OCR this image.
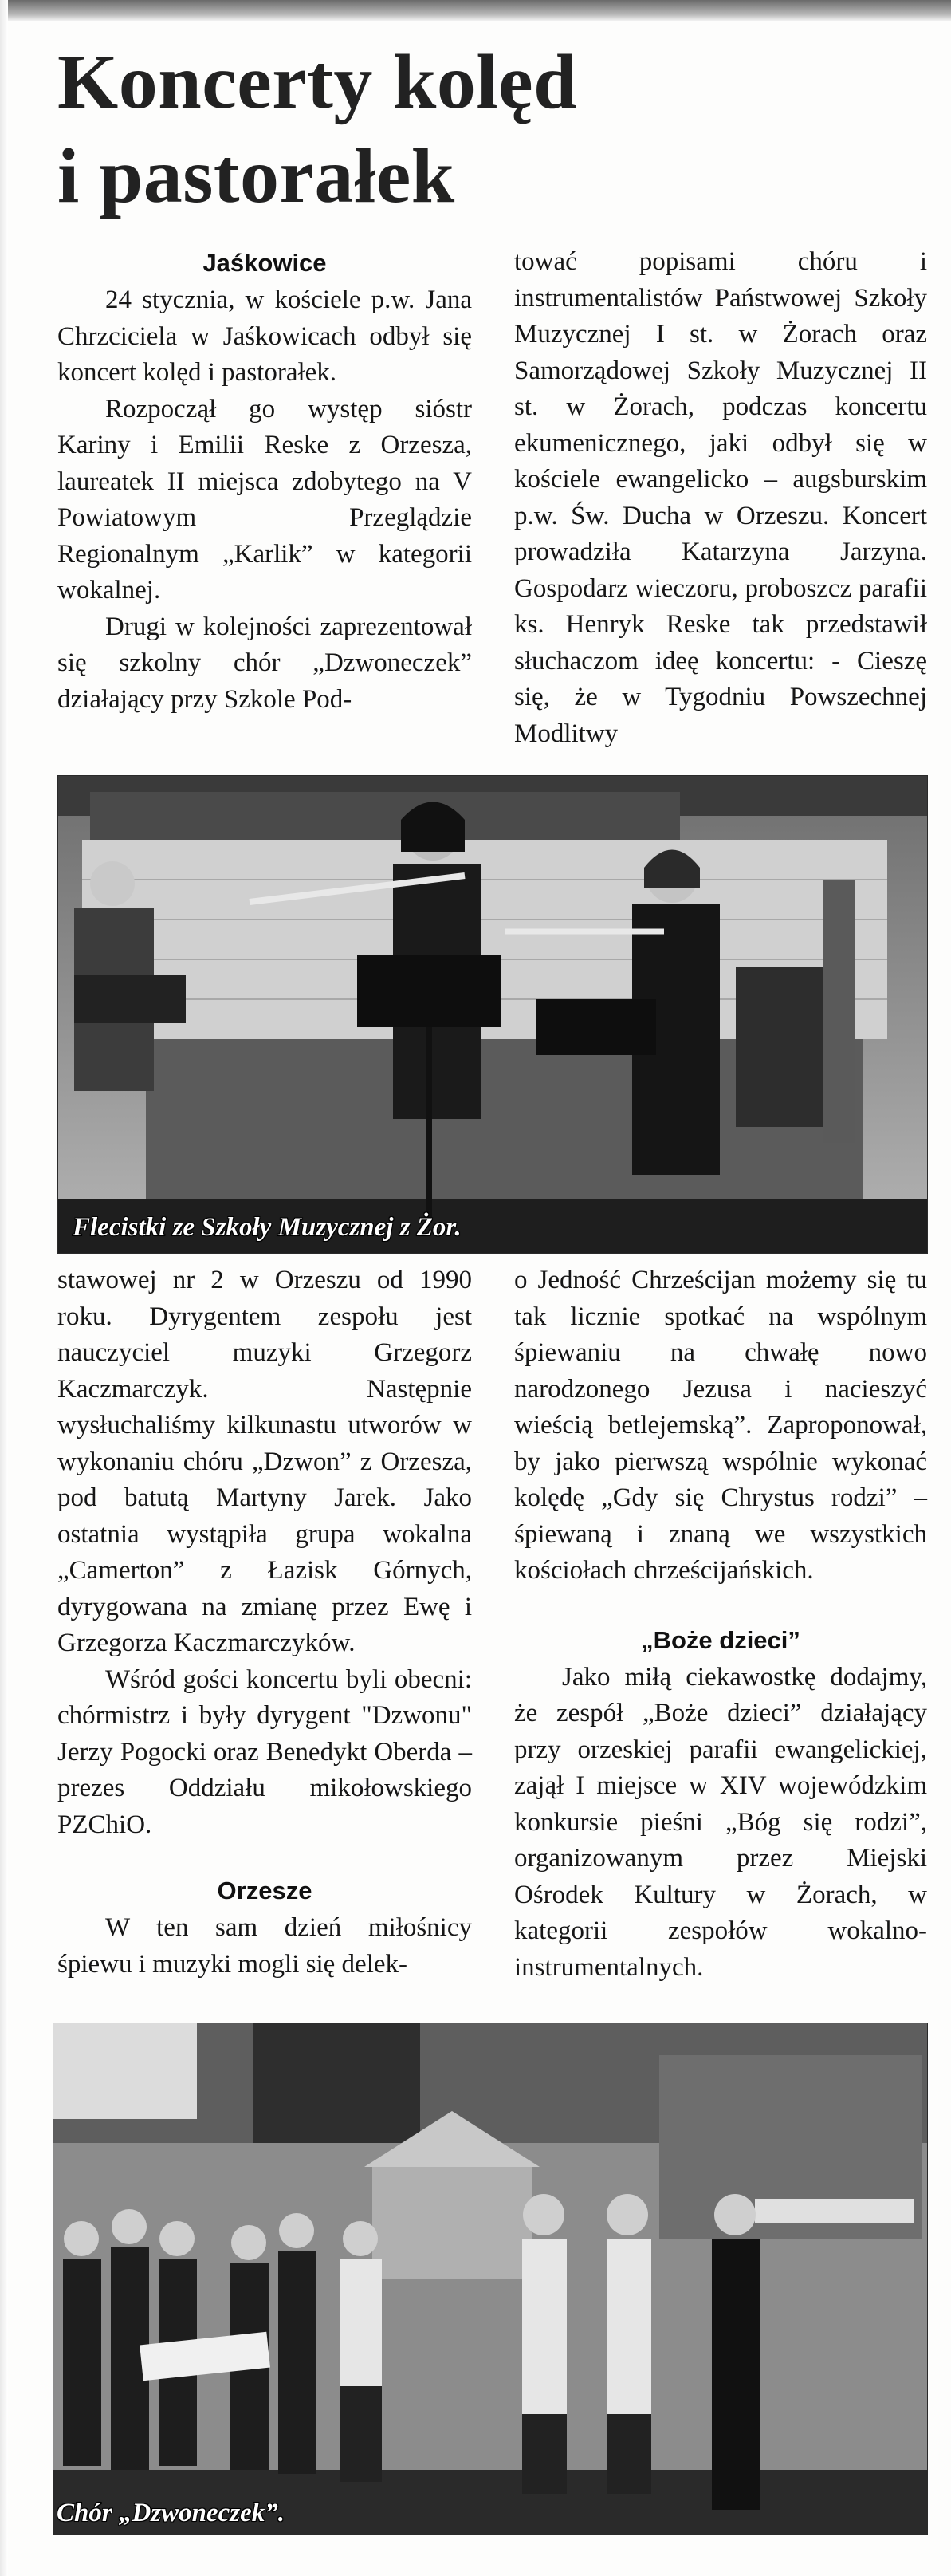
Koncerty kolęd
i pastorałek

Jaśkowice

24 stycznia, w kościele p.w. Jana Chrzciciela w Jaśkowicach odbył się koncert kolęd i pastorałek.

Rozpoczął go występ sióstr Kariny i Emilii Reske z Orzesza, laureatek II miejsca zdobytego na V Powiatowym Przeglądzie Regionalnym „Karlik” w kategorii wokalnej.

Drugi w kolejności zaprezentował się szkolny chór „Dzwoneczek” działający przy Szkole Pod-

tować popisami chóru i instrumentalistów Państwowej Szkoły Muzycznej I st. w Żorach oraz Samorządowej Szkoły Muzycznej II st. w Żorach, podczas koncertu ekumenicznego, jaki odbył się w kościele ewangelicko – augsburskim p.w. Św. Ducha w Orzeszu. Koncert prowadziła Katarzyna Jarzyna. Gospodarz wieczoru, proboszcz parafii ks. Henryk Reske tak przedstawił słuchaczom ideę koncertu: - Cieszę się, że w Tygodniu Powszechnej Modlitwy

Flecistki ze Szkoły Muzycznej z Żor.

stawowej nr 2 w Orzeszu od 1990 roku. Dyrygentem zespołu jest nauczyciel muzyki Grzegorz Kaczmarczyk. Następnie wysłuchaliśmy kilkunastu utworów w wykonaniu chóru „Dzwon” z Orzesza, pod batutą Martyny Jarek. Jako ostatnia wystąpiła grupa wokalna „Camerton” z Łazisk Górnych, dyrygowana na zmianę przez Ewę i Grzegorza Kaczmarczyków.

Wśród gości koncertu byli obecni: chórmistrz i były dyrygent "Dzwonu" Jerzy Pogocki oraz Benedykt Oberda – prezes Oddziału mikołowskiego PZChiO.

Orzesze

W ten sam dzień miłośnicy śpiewu i muzyki mogli się delek-

o Jedność Chrześcijan możemy się tu tak licznie spotkać na wspólnym śpiewaniu na chwałę nowo narodzonego Jezusa i nacieszyć wieścią betlejemską”. Zaproponował, by jako pierwszą wspólnie wykonać kolędę „Gdy się Chrystus rodzi” – śpiewaną i znaną we wszystkich kościołach chrześcijańskich.

„Boże dzieci”

Jako miłą ciekawostkę dodajmy, że zespół „Boże dzieci” działający przy orzeskiej parafii ewangelickiej, zajął I miejsce w XIV wojewódzkim konkursie pieśni „Bóg się rodzi”, organizowanym przez Miejski Ośrodek Kultury w Żorach, w kategorii zespołów wokalno-instrumentalnych.

Chór „Dzwoneczek”.
